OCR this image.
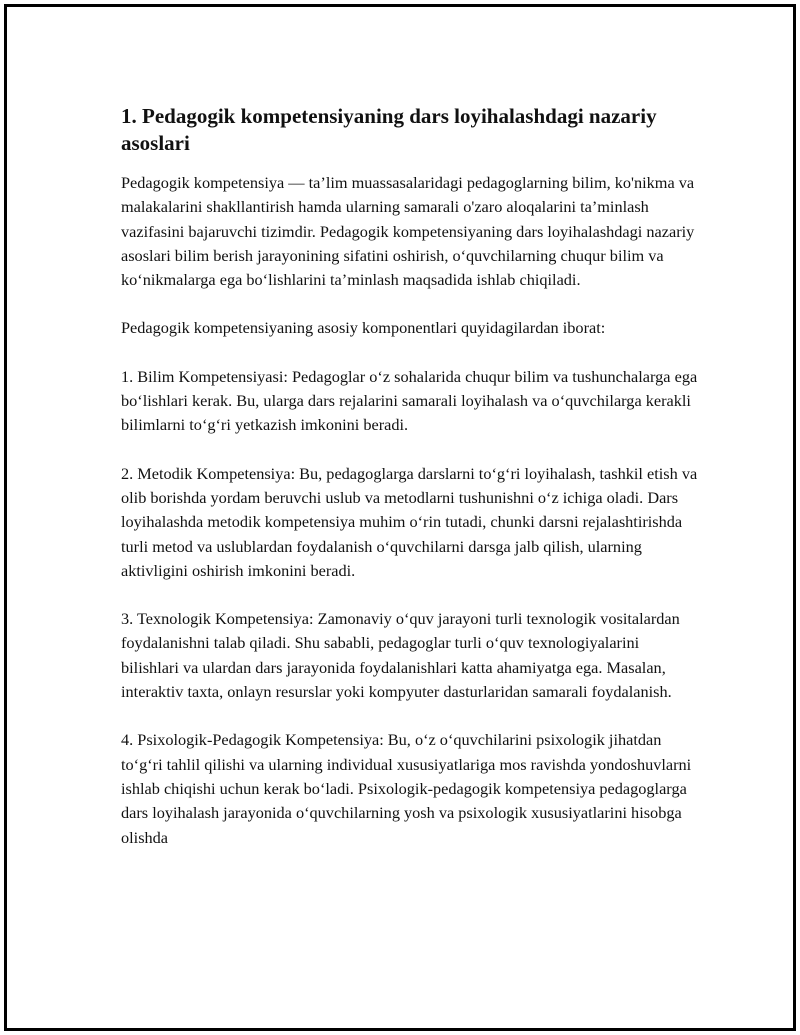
1. Pedagogik kompetensiyaning dars loyihalashdagi nazariy asoslari

Pedagogik kompetensiya — ta’lim muassasalaridagi pedagoglarning bilim, ko'nikma va malakalarini shakllantirish hamda ularning samarali o'zaro aloqalarini ta’minlash vazifasini bajaruvchi tizimdir. Pedagogik kompetensiyaning dars loyihalashdagi nazariy asoslari bilim berish jarayonining sifatini oshirish, o‘quvchilarning chuqur bilim va ko‘nikmalarga ega bo‘lishlarini ta’minlash maqsadida ishlab chiqiladi.

Pedagogik kompetensiyaning asosiy komponentlari quyidagilardan iborat:

1. Bilim Kompetensiyasi: Pedagoglar o‘z sohalarida chuqur bilim va tushunchalarga ega bo‘lishlari kerak. Bu, ularga dars rejalarini samarali loyihalash va o‘quvchilarga kerakli bilimlarni to‘g‘ri yetkazish imkonini beradi.

2. Metodik Kompetensiya: Bu, pedagoglarga darslarni to‘g‘ri loyihalash, tashkil etish va olib borishda yordam beruvchi uslub va metodlarni tushunishni o‘z ichiga oladi. Dars loyihalashda metodik kompetensiya muhim o‘rin tutadi, chunki darsni rejalashtirishda turli metod va uslublardan foydalanish o‘quvchilarni darsga jalb qilish, ularning aktivligini oshirish imkonini beradi.

3. Texnologik Kompetensiya: Zamonaviy o‘quv jarayoni turli texnologik vositalardan foydalanishni talab qiladi. Shu sababli, pedagoglar turli o‘quv texnologiyalarini bilishlari va ulardan dars jarayonida foydalanishlari katta ahamiyatga ega. Masalan, interaktiv taxta, onlayn resurslar yoki kompyuter dasturlaridan samarali foydalanish.

4. Psixologik-Pedagogik Kompetensiya: Bu, o‘z o‘quvchilarini psixologik jihatdan to‘g‘ri tahlil qilishi va ularning individual xususiyatlariga mos ravishda yondoshuvlarni ishlab chiqishi uchun kerak bo‘ladi. Psixologik-pedagogik kompetensiya pedagoglarga dars loyihalash jarayonida o‘quvchilarning yosh va psixologik xususiyatlarini hisobga olishda
